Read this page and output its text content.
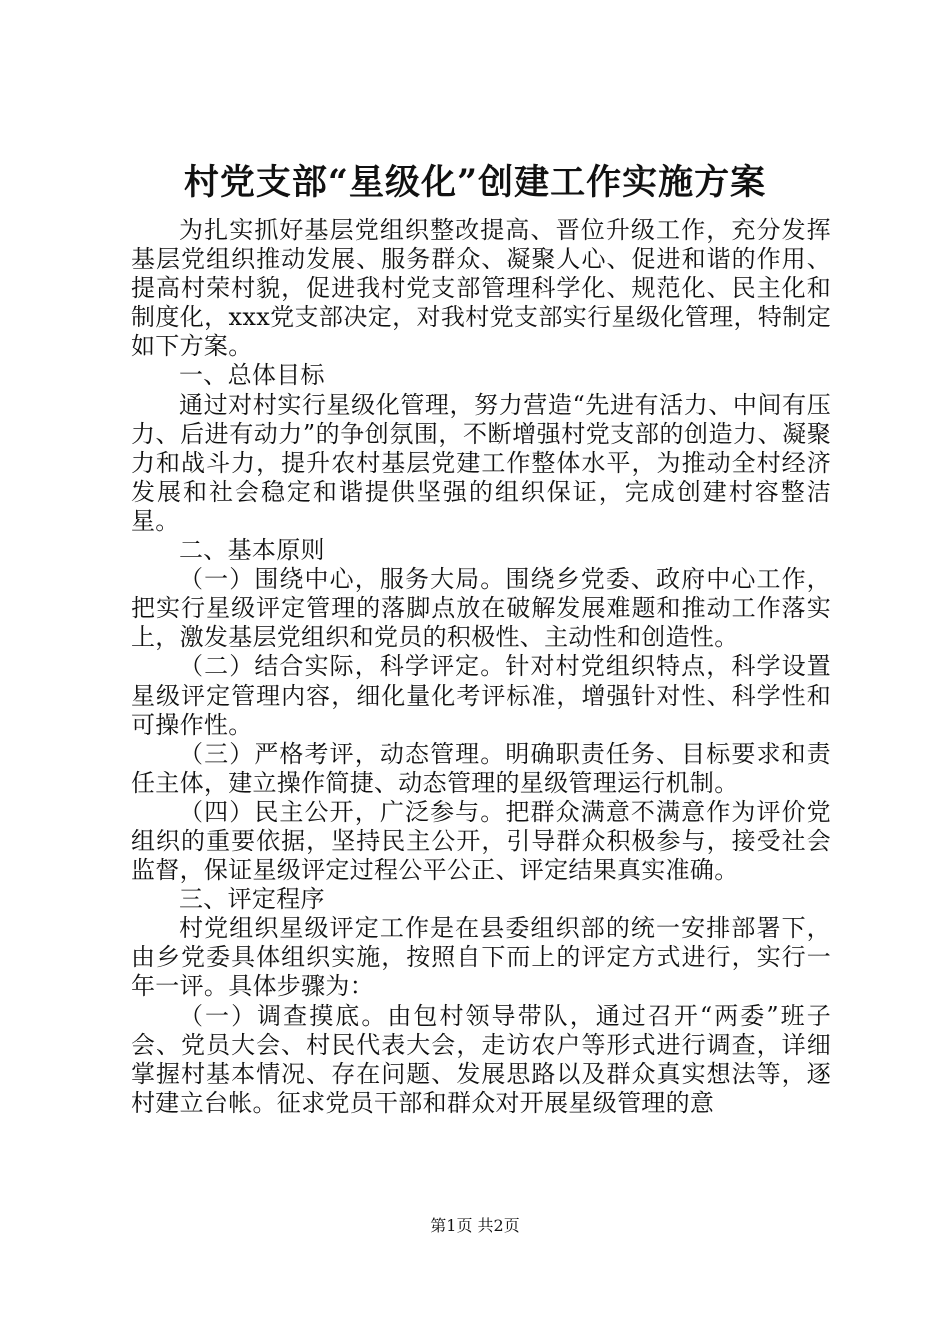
村党支部“星级化”创建工作实施方案

为扎实抓好基层党组织整改提高、晋位升级工作，充分发挥基层党组织推动发展、服务群众、凝聚人心、促进和谐的作用、提高村荣村貌，促进我村党支部管理科学化、规范化、民主化和制度化，xxx党支部决定，对我村党支部实行星级化管理，特制定如下方案。

一、总体目标

通过对村实行星级化管理，努力营造“先进有活力、中间有压力、后进有动力”的争创氛围，不断增强村党支部的创造力、凝聚力和战斗力，提升农村基层党建工作整体水平，为推动全村经济发展和社会稳定和谐提供坚强的组织保证，完成创建村容整洁星。

二、基本原则

（一）围绕中心，服务大局。围绕乡党委、政府中心工作，把实行星级评定管理的落脚点放在破解发展难题和推动工作落实上，激发基层党组织和党员的积极性、主动性和创造性。

（二）结合实际，科学评定。针对村党组织特点，科学设置星级评定管理内容，细化量化考评标准，增强针对性、科学性和可操作性。

（三）严格考评，动态管理。明确职责任务、目标要求和责任主体，建立操作简捷、动态管理的星级管理运行机制。

（四）民主公开，广泛参与。把群众满意不满意作为评价党组织的重要依据，坚持民主公开，引导群众积极参与，接受社会监督，保证星级评定过程公平公正、评定结果真实准确。

三、评定程序

村党组织星级评定工作是在县委组织部的统一安排部署下，由乡党委具体组织实施，按照自下而上的评定方式进行，实行一年一评。具体步骤为：

（一）调查摸底。由包村领导带队，通过召开“两委”班子会、党员大会、村民代表大会，走访农户等形式进行调查，详细掌握村基本情况、存在问题、发展思路以及群众真实想法等，逐村建立台帐。征求党员干部和群众对开展星级管理的意

第1页 共2页
